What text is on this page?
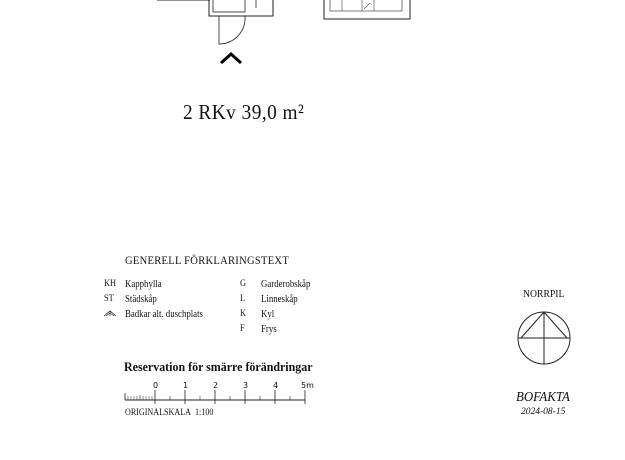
2 RKv 39,0 m²
GENERELL FÖRKLARINGSTEXT
KH Kapphylla
ST Städskåp
Badkar alt. duschplats
G Garderobskåp
L Linneskåp
K Kyl
F Frys
Reservation för smärre förändringar
0	1	2	3	4	5m
ORIGINALSKALA 1:100
NORRPIL
BOFAKTA
2024-08-15
